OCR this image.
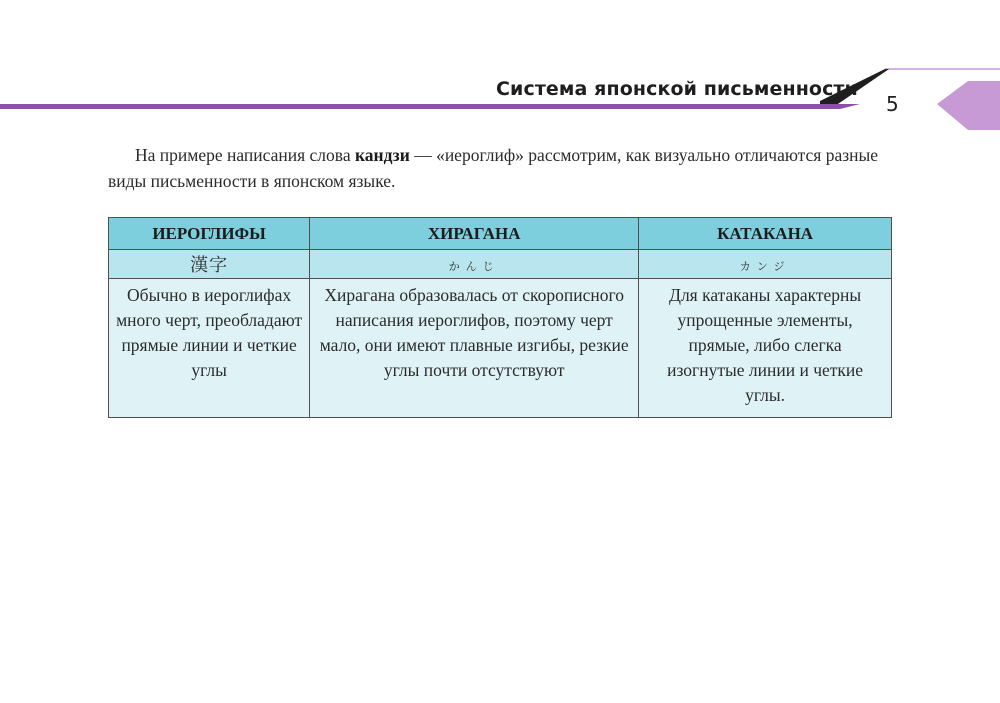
Система японской письменности
5

На примере написания слова кандзи — «иероглиф» рассмотрим, как визуально отличаются разные виды письменности в японском языке.

ИЕРОГЛИФЫ	ХИРАГАНА	КАТАКАНА
漢字	かんじ	カンジ
Обычно в иероглифах много черт, преобладают прямые линии и четкие углы	Хирагана образовалась от скорописного написания иероглифов, поэтому черт мало, они имеют плавные изгибы, резкие углы почти отсутствуют	Для катаканы характерны упрощенные элементы, прямые, либо слегка изогнутые линии и четкие углы.
